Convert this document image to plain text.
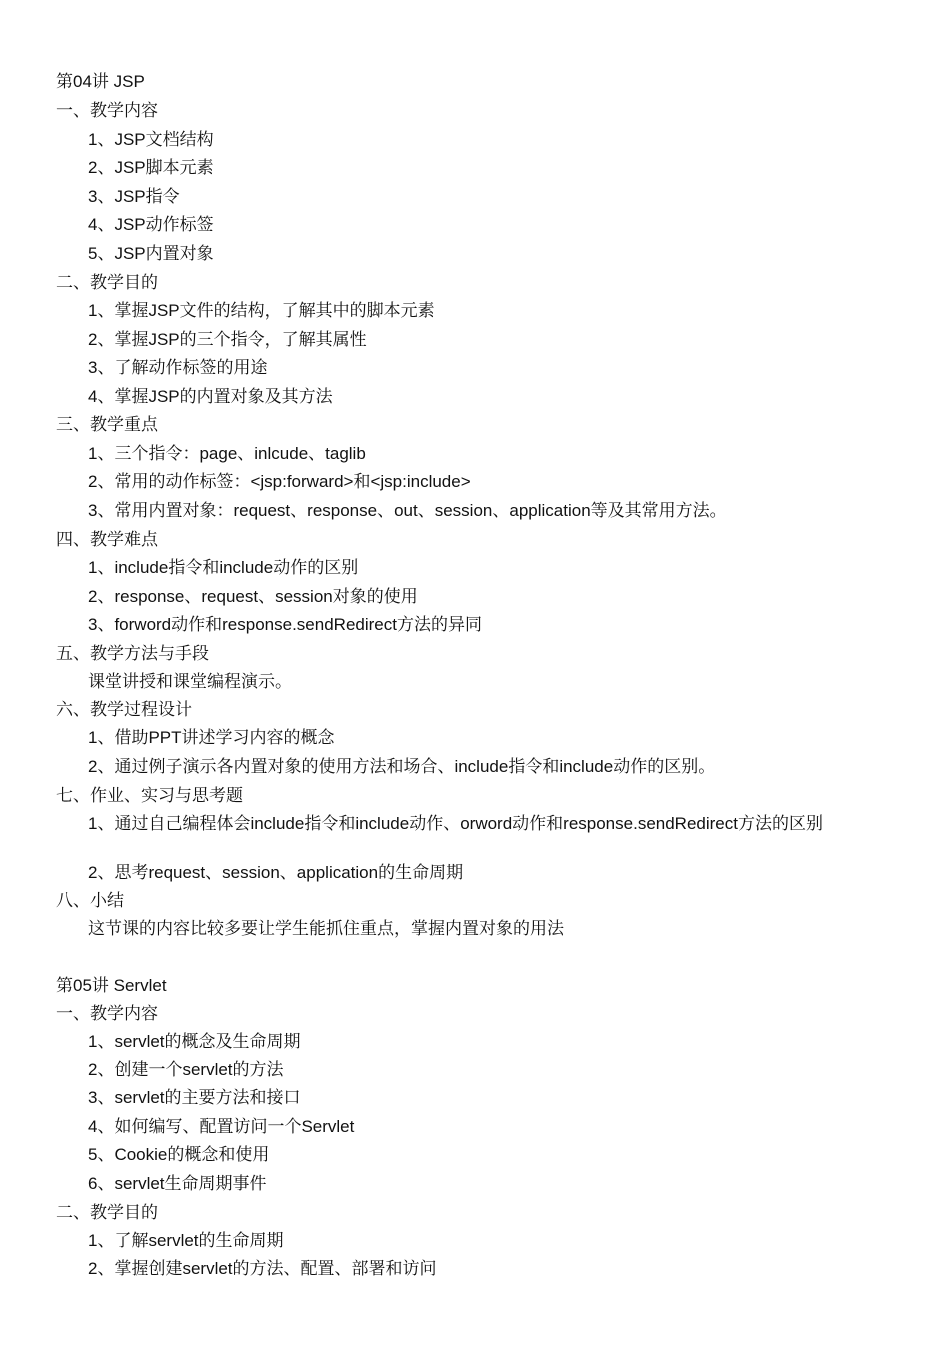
第04讲 JSP
一、教学内容
1、JSP文档结构
2、JSP脚本元素
3、JSP指令
4、JSP动作标签
5、JSP内置对象
二、教学目的
1、掌握JSP文件的结构，了解其中的脚本元素
2、掌握JSP的三个指令，了解其属性
3、了解动作标签的用途
4、掌握JSP的内置对象及其方法
三、教学重点
1、三个指令：page、inlcude、taglib
2、常用的动作标签：<jsp:forward>和<jsp:include>
3、常用内置对象：request、response、out、session、application等及其常用方法。
四、教学难点
1、include指令和include动作的区别
2、response、request、session对象的使用
3、forword动作和response.sendRedirect方法的异同
五、教学方法与手段
课堂讲授和课堂编程演示。
六、教学过程设计
1、借助PPT讲述学习内容的概念
2、通过例子演示各内置对象的使用方法和场合、include指令和include动作的区别。
七、作业、实习与思考题
1、通过自己编程体会include指令和include动作、orword动作和response.sendRedirect方法的区别
2、思考request、session、application的生命周期
八、小结
这节课的内容比较多要让学生能抓住重点，掌握内置对象的用法
第05讲 Servlet
一、教学内容
1、servlet的概念及生命周期
2、创建一个servlet的方法
3、servlet的主要方法和接口
4、如何编写、配置访问一个Servlet
5、Cookie的概念和使用
6、servlet生命周期事件
二、教学目的
1、了解servlet的生命周期
2、掌握创建servlet的方法、配置、部署和访问
